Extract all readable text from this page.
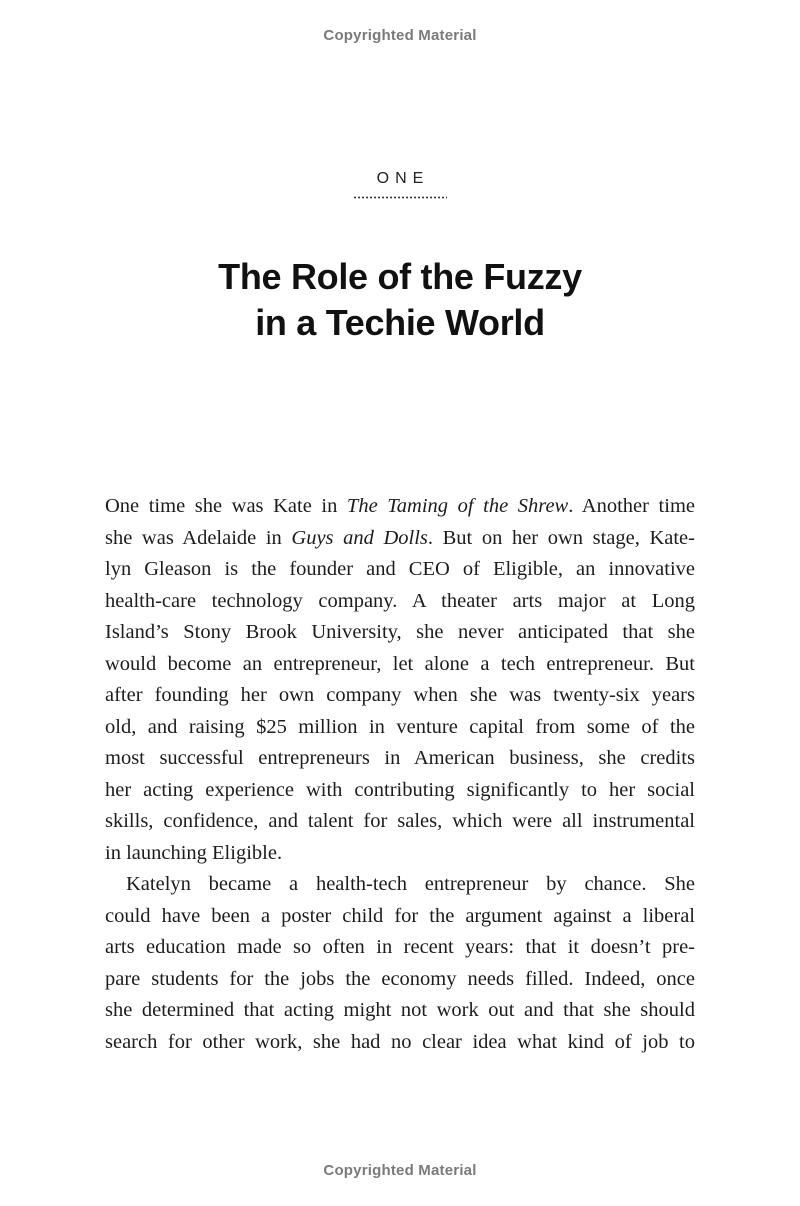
Copyrighted Material
ONE
The Role of the Fuzzy
in a Techie World
One time she was Kate in The Taming of the Shrew. Another time
she was Adelaide in Guys and Dolls. But on her own stage, Kate-
lyn Gleason is the founder and CEO of Eligible, an innovative
health-care technology company. A theater arts major at Long
Island’s Stony Brook University, she never anticipated that she
would become an entrepreneur, let alone a tech entrepreneur. But
after founding her own company when she was twenty-six years
old, and raising $25 million in venture capital from some of the
most successful entrepreneurs in American business, she credits
her acting experience with contributing significantly to her social
skills, confidence, and talent for sales, which were all instrumental
in launching Eligible.
Katelyn became a health-tech entrepreneur by chance. She
could have been a poster child for the argument against a liberal
arts education made so often in recent years: that it doesn’t pre-
pare students for the jobs the economy needs filled. Indeed, once
she determined that acting might not work out and that she should
search for other work, she had no clear idea what kind of job to
Copyrighted Material
